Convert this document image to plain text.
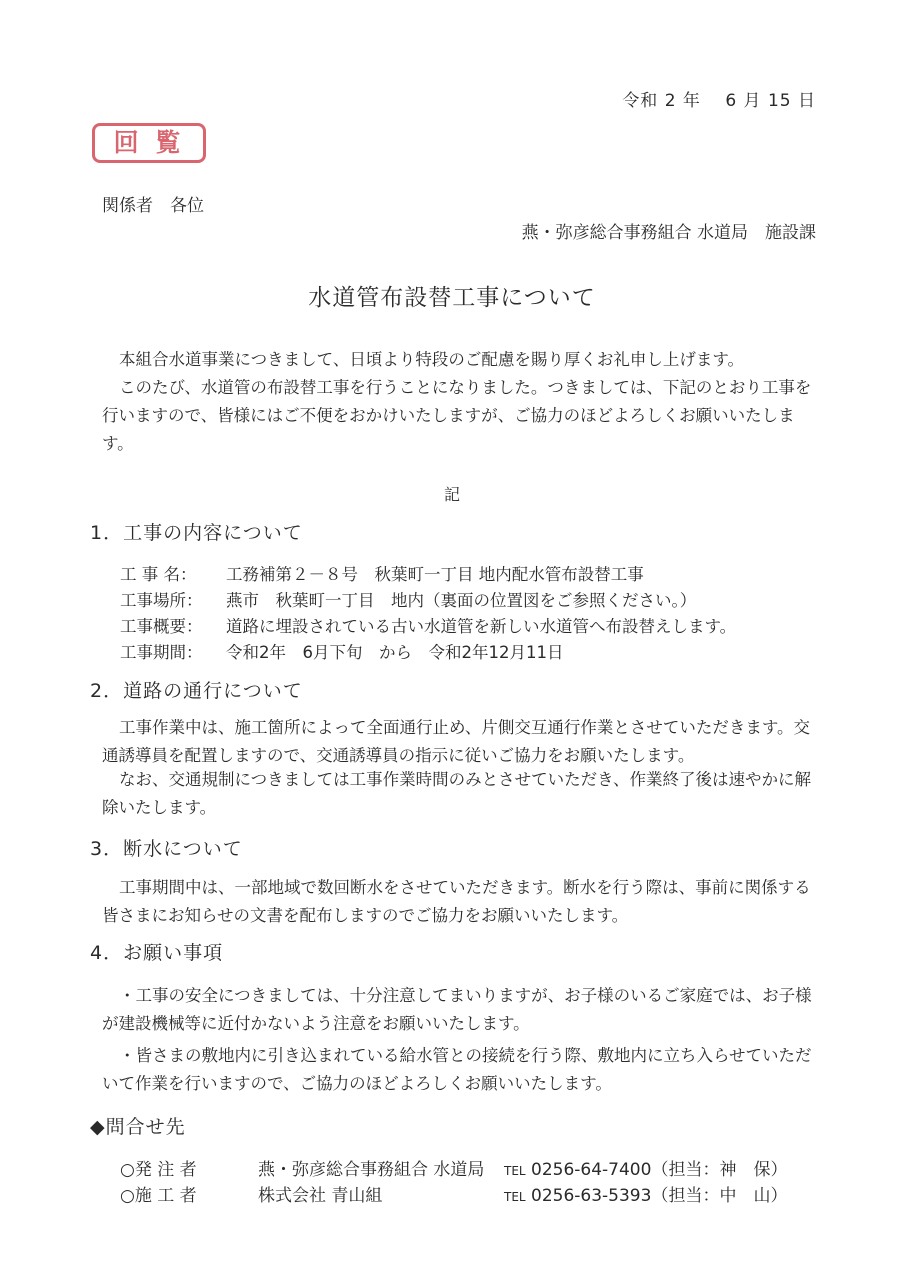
令和 2 年　 6 月 15 日
回 覧
関係者　各位
燕・弥彦総合事務組合 水道局　施設課
水道管布設替工事について
本組合水道事業につきまして、日頃より特段のご配慮を賜り厚くお礼申し上げます。
このたび、水道管の布設替工事を行うことになりました。つきましては、下記のとおり工事を行いますので、皆様にはご不便をおかけいたしますが、ご協力のほどよろしくお願いいたします。
記
1．工事の内容について
工 事 名： 工務補第２－８号　秋葉町一丁目 地内配水管布設替工事
工事場所： 燕市　秋葉町一丁目　地内（裏面の位置図をご参照ください。）
工事概要： 道路に埋設されている古い水道管を新しい水道管へ布設替えします。
工事期間： 令和2年　6月下旬　から　令和2年12月11日
2．道路の通行について
工事作業中は、施工箇所によって全面通行止め、片側交互通行作業とさせていただきます。交通誘導員を配置しますので、交通誘導員の指示に従いご協力をお願いたします。
なお、交通規制につきましては工事作業時間のみとさせていただき、作業終了後は速やかに解除いたします。
3．断水について
工事期間中は、一部地域で数回断水をさせていただきます。断水を行う際は、事前に関係する皆さまにお知らせの文書を配布しますのでご協力をお願いいたします。
4．お願い事項
・工事の安全につきましては、十分注意してまいりますが、お子様のいるご家庭では、お子様が建設機械等に近付かないよう注意をお願いいたします。
・皆さまの敷地内に引き込まれている給水管との接続を行う際、敷地内に立ち入らせていただいて作業を行いますので、ご協力のほどよろしくお願いいたします。
◆問合せ先
○発 注 者	燕・弥彦総合事務組合 水道局 TEL 0256-64-7400（担当：神　保）
○施 工 者	株式会社 青山組	TEL 0256-63-5393（担当：中　山）
